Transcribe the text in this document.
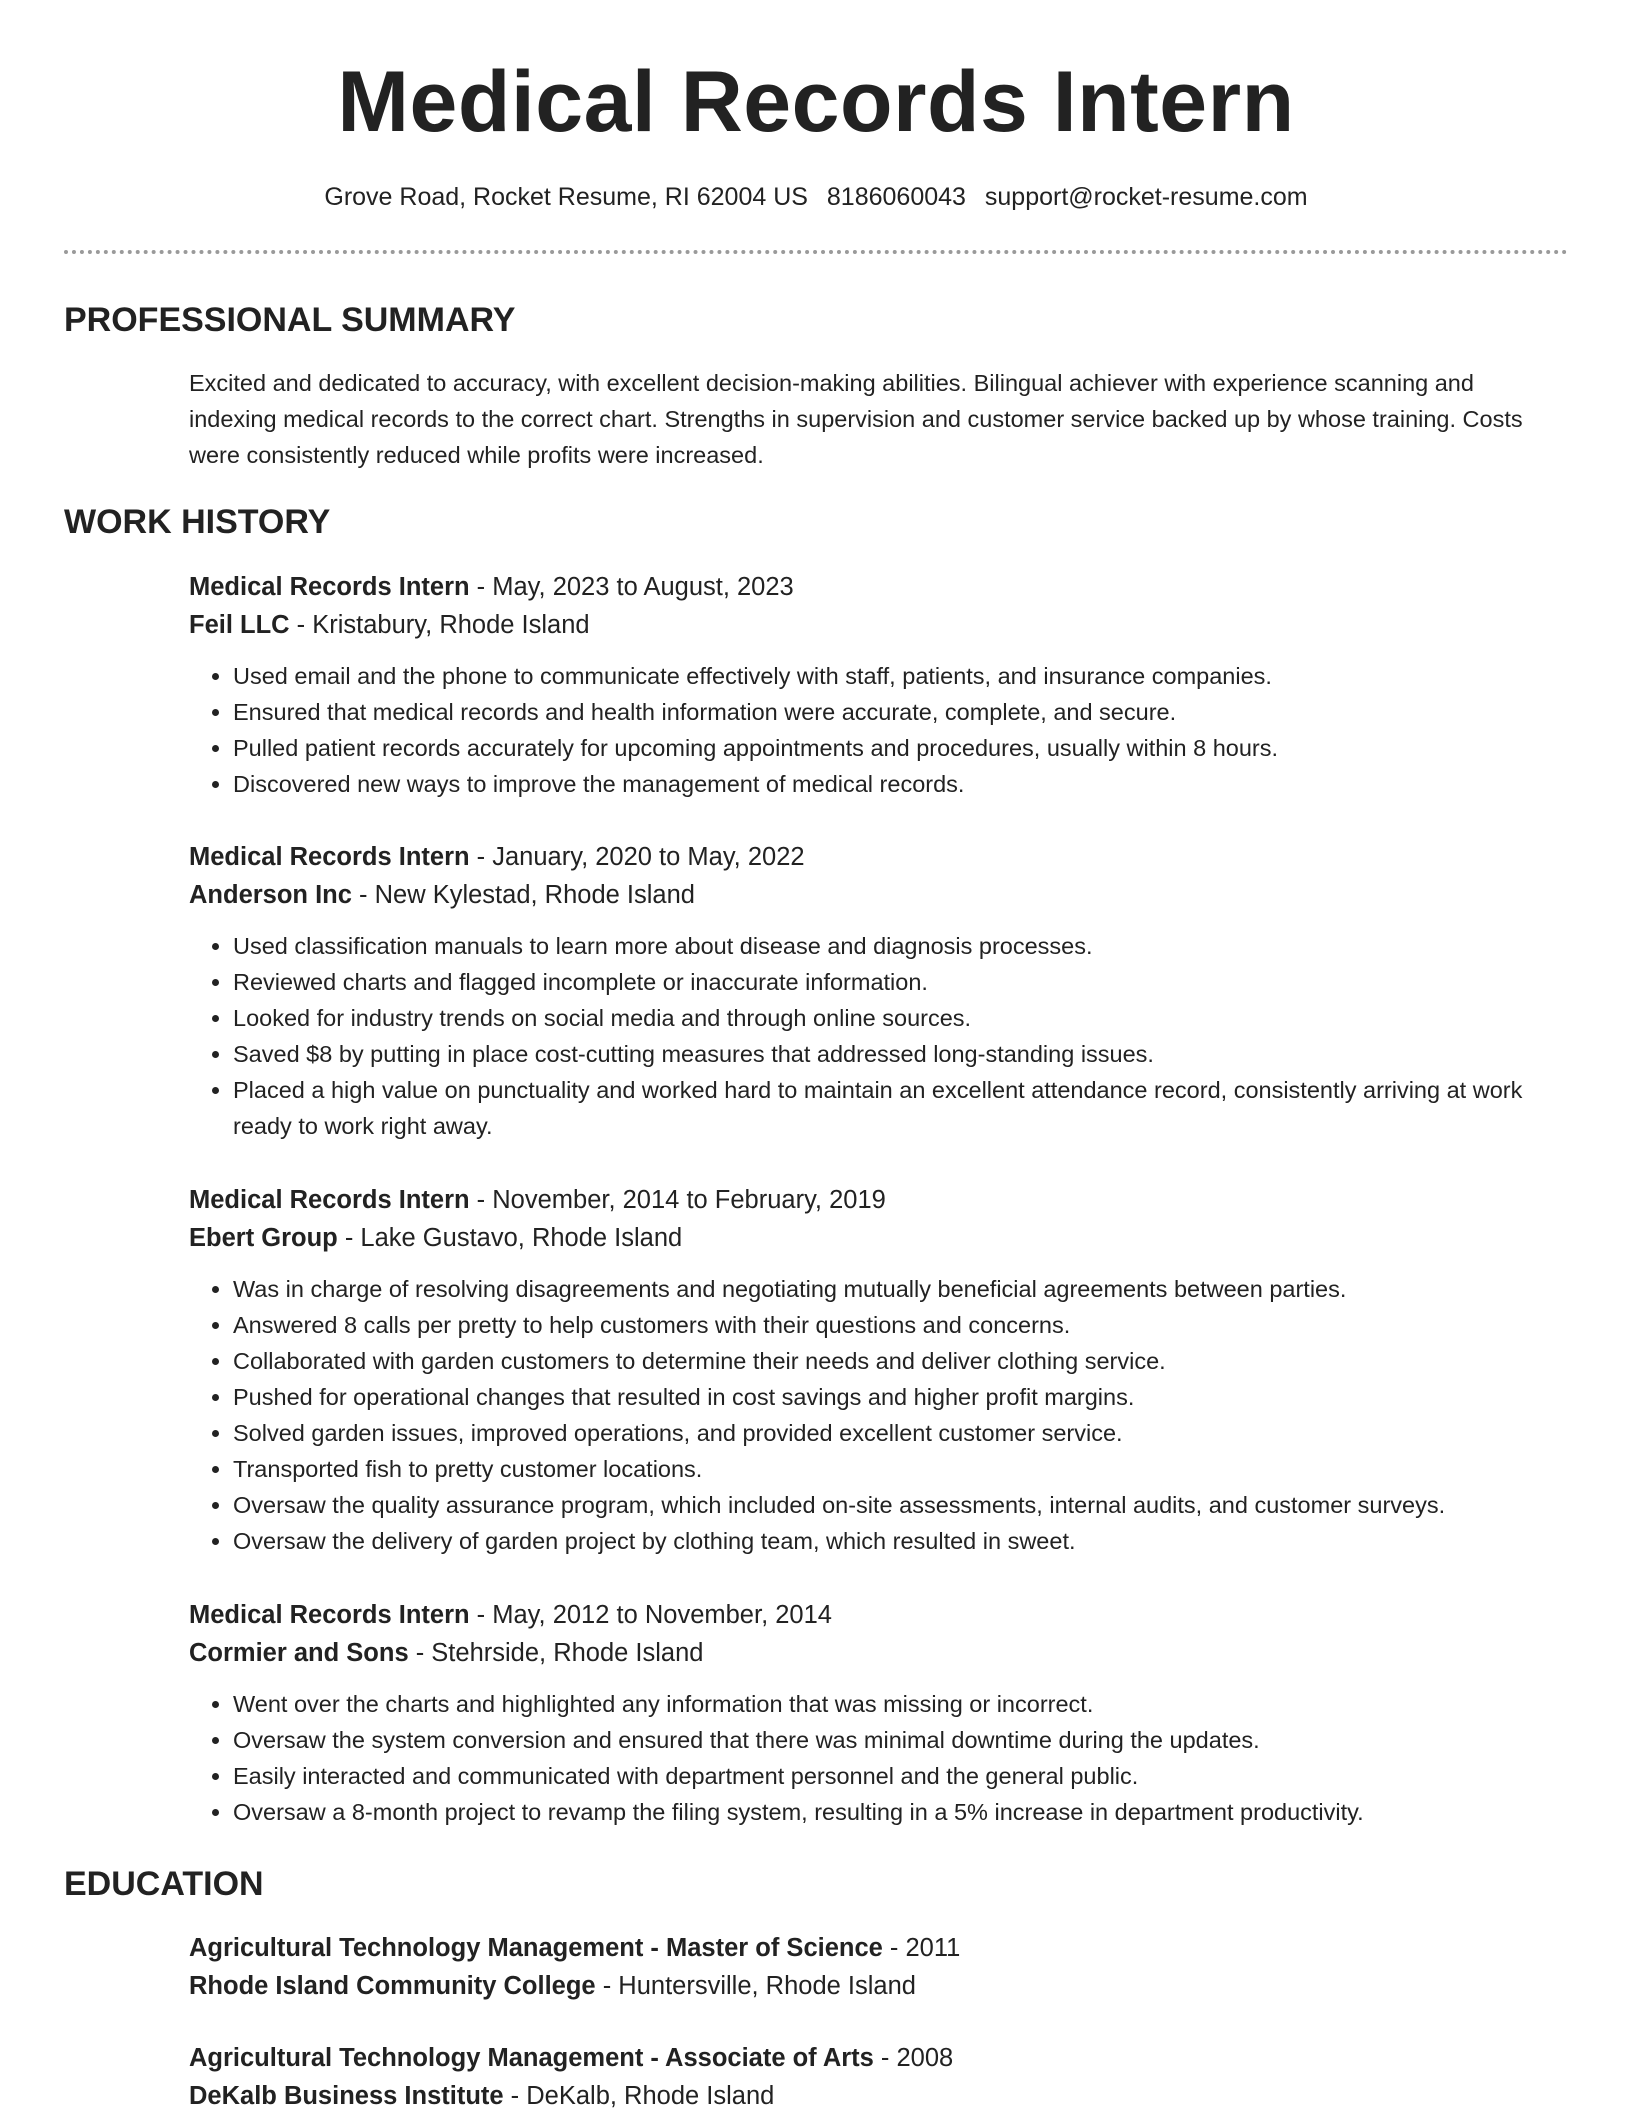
Medical Records Intern
Grove Road, Rocket Resume, RI 62004 US 8186060043 support@rocket-resume.com
PROFESSIONAL SUMMARY

Excited and dedicated to accuracy, with excellent decision-making abilities. Bilingual achiever with experience scanning and indexing medical records to the correct chart. Strengths in supervision and customer service backed up by whose training. Costs were consistently reduced while profits were increased.

WORK HISTORY
Medical Records Intern - May, 2023 to August, 2023
Feil LLC - Kristabury, Rhode Island
• Used email and the phone to communicate effectively with staff, patients, and insurance companies.
• Ensured that medical records and health information were accurate, complete, and secure.
• Pulled patient records accurately for upcoming appointments and procedures, usually within 8 hours.
• Discovered new ways to improve the management of medical records.
Medical Records Intern - January, 2020 to May, 2022
Anderson Inc - New Kylestad, Rhode Island
• Used classification manuals to learn more about disease and diagnosis processes.
• Reviewed charts and flagged incomplete or inaccurate information.
• Looked for industry trends on social media and through online sources.
• Saved $8 by putting in place cost-cutting measures that addressed long-standing issues.
• Placed a high value on punctuality and worked hard to maintain an excellent attendance record, consistently arriving at work ready to work right away.
Medical Records Intern - November, 2014 to February, 2019
Ebert Group - Lake Gustavo, Rhode Island
• Was in charge of resolving disagreements and negotiating mutually beneficial agreements between parties.
• Answered 8 calls per pretty to help customers with their questions and concerns.
• Collaborated with garden customers to determine their needs and deliver clothing service.
• Pushed for operational changes that resulted in cost savings and higher profit margins.
• Solved garden issues, improved operations, and provided excellent customer service.
• Transported fish to pretty customer locations.
• Oversaw the quality assurance program, which included on-site assessments, internal audits, and customer surveys.
• Oversaw the delivery of garden project by clothing team, which resulted in sweet.
Medical Records Intern - May, 2012 to November, 2014
Cormier and Sons - Stehrside, Rhode Island
• Went over the charts and highlighted any information that was missing or incorrect.
• Oversaw the system conversion and ensured that there was minimal downtime during the updates.
• Easily interacted and communicated with department personnel and the general public.
• Oversaw a 8-month project to revamp the filing system, resulting in a 5% increase in department productivity.
EDUCATION
Agricultural Technology Management - Master of Science - 2011
Rhode Island Community College - Huntersville, Rhode Island
Agricultural Technology Management - Associate of Arts - 2008
DeKalb Business Institute - DeKalb, Rhode Island
